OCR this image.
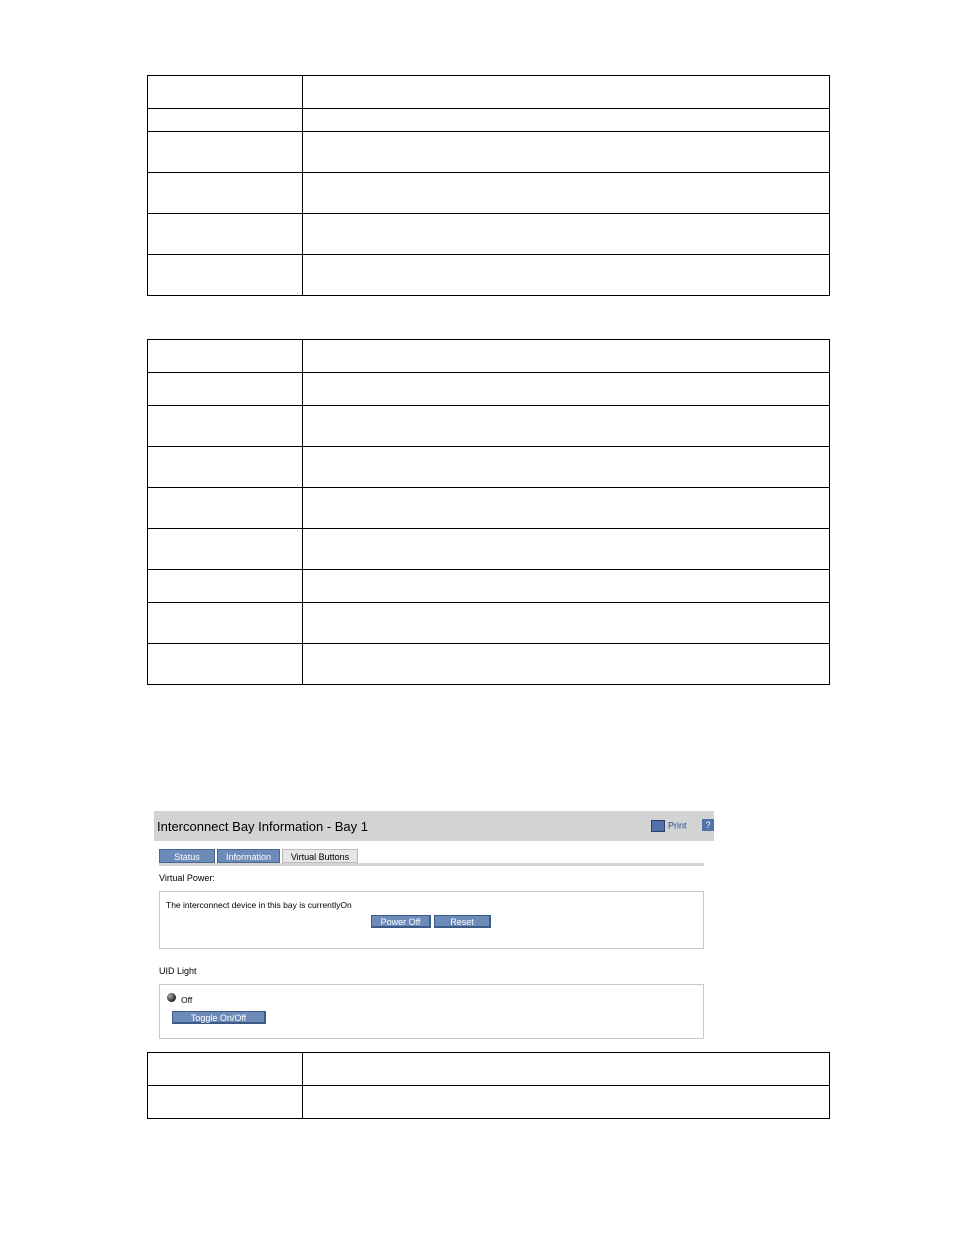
Interconnect Bay Information - Bay 1	Print	?
Status	Information	Virtual Buttons
Virtual Power:
The interconnect device in this bay is currentlyOn
Power Off	Reset
UID Light
Off
Toggle On/Off
